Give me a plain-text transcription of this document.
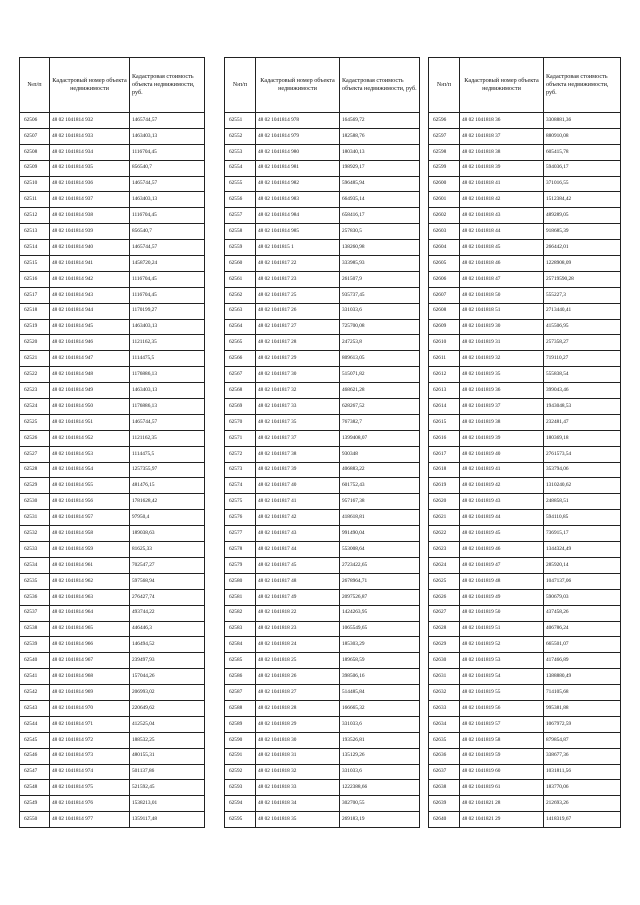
№п/п	Кадастровый номер объекта недвижимости	Кадастровая стоимость объекта недвижимости, руб.
62506	48 02 1041814 932	1465744,57
62507	48 02 1041814 933	1463403,13
62508	48 02 1041814 934	1116704,45
62509	48 02 1041814 935	856540,7
62510	48 02 1041814 936	1465744,57
62511	48 02 1041814 937	1463403,13
62512	48 02 1041814 938	1116704,45
62513	48 02 1041814 939	856540,7
62514	48 02 1041814 940	1465744,57
62515	48 02 1041814 941	1458720,24
62516	48 02 1041814 942	1116704,45
62517	48 02 1041814 943	1116704,45
62518	48 02 1041814 944	1170199,27
62519	48 02 1041814 945	1463403,13
62520	48 02 1041814 946	1121162,35
62521	48 02 1041814 947	1114475,5
62522	48 02 1041814 948	1176886,13
62523	48 02 1041814 949	1463403,13
62524	48 02 1041814 950	1176886,13
62525	48 02 1041814 951	1465744,57
62526	48 02 1041814 952	1121162,35
62527	48 02 1041814 953	1114475,5
62528	48 02 1041814 954	1257355,97
62529	48 02 1041814 955	481476,15
62530	48 02 1041814 956	1781628,42
62531	48 02 1041814 957	97950,4
62532	48 02 1041814 958	189038,63
62533	48 02 1041814 959	81625,33
62534	48 02 1041814 961	702547,27
62535	48 02 1041814 962	597568,94
62536	48 02 1041814 963	276427,74
62537	48 02 1041814 964	493744,22
62538	48 02 1041814 965	446446,3
62539	48 02 1041814 966	146494,52
62540	48 02 1041814 967	239497,93
62541	48 02 1041814 968	157044,26
62542	48 02 1041814 969	206993,02
62543	48 02 1041814 970	220649,62
62544	48 02 1041814 971	412525,04
62545	48 02 1041814 972	188532,25
62546	48 02 1041814 973	480155,31
62547	48 02 1041814 974	501137,86
62548	48 02 1041814 975	521592,45
62549	48 02 1041814 976	1538213,01
62550	48 02 1041814 977	1359117,48
№п/п	Кадастровый номер объекта недвижимости	Кадастровая стоимость объекта недвижимости, руб.
62551	48 02 1041814 978	164569,72
62552	48 02 1041814 979	182588,76
62553	48 02 1041814 980	180340,13
62554	48 02 1041814 981	198929,17
62555	48 02 1041814 982	596485,94
62556	48 02 1041814 983	664935,14
62557	48 02 1041814 984	658416,17
62558	48 02 1041814 985	257830,5
62559	48 02 1041815 1	138260,98
62560	48 02 1041817 22	333985,93
62561	48 02 1041817 23	261507,9
62562	48 02 1041817 25	935737,45
62563	48 02 1041817 26	331033,6
62564	48 02 1041817 27	725700,08
62565	48 02 1041817 28	247253,8
62566	48 02 1041817 29	809613,05
62567	48 02 1041817 30	515071,82
62568	48 02 1041817 32	468621,28
62569	48 02 1041817 33	628267,52
62570	48 02 1041817 35	767382,7
62571	48 02 1041817 37	1399408,07
62572	48 02 1041817 38	930348
62573	48 02 1041817 39	406883,22
62574	48 02 1041817 40	601752,43
62575	48 02 1041817 41	957167,38
62576	48 02 1041817 42	418618,81
62577	48 02 1041817 43	991490,04
62578	48 02 1041817 44	553008,64
62579	48 02 1041817 45	2723422,65
62580	48 02 1041817 48	2678964,71
62581	48 02 1041817 49	2097526,87
62582	48 02 1041818 22	1424263,95
62583	48 02 1041818 23	1065549,65
62584	48 02 1041818 24	185303,29
62585	48 02 1041818 25	189658,59
62586	48 02 1041818 26	398506,16
62587	48 02 1041818 27	514485,84
62588	48 02 1041818 28	166665,32
62589	48 02 1041818 29	331033,6
62590	48 02 1041818 30	193526,81
62591	48 02 1041818 31	135129,26
62592	48 02 1041818 32	331033,6
62593	48 02 1041818 33	1222388,66
62594	48 02 1041818 34	302700,55
62595	48 02 1041818 35	269183,19
№п/п	Кадастровый номер объекта недвижимости	Кадастровая стоимость объекта недвижимости, руб.
62596	48 02 1041818 36	3308881,36
62597	48 02 1041818 37	880910,08
62598	48 02 1041818 38	605415,78
62599	48 02 1041818 39	594036,17
62600	48 02 1041818 41	371016,55
62601	48 02 1041818 42	1512384,42
62602	48 02 1041818 43	489289,05
62603	48 02 1041818 44	918685,39
62604	48 02 1041818 45	266442,01
62605	48 02 1041818 46	1228908,09
62606	48 02 1041818 47	25719590,28
62607	48 02 1041818 50	555227,3
62608	48 02 1041818 51	2713440,41
62609	48 02 1041819 30	415506,95
62610	48 02 1041819 31	257358,27
62611	48 02 1041819 32	719110,27
62612	48 02 1041819 35	555838,54
62613	48 02 1041819 36	399043,46
62614	48 02 1041819 37	1943048,53
62615	48 02 1041819 38	232481,47
62616	48 02 1041819 39	180369,18
62617	48 02 1041819 40	2761573,54
62618	48 02 1041819 41	353794,06
62619	48 02 1041819 42	1310240,62
62620	48 02 1041819 43	248858,51
62621	48 02 1041819 44	594110,85
62622	48 02 1041819 45	736915,17
62623	48 02 1041819 46	1344324,49
62624	48 02 1041819 47	285920,14
62625	48 02 1041819 48	1047137,06
62626	48 02 1041819 49	590679,03
62627	48 02 1041819 50	437458,26
62628	48 02 1041819 51	406786,24
62629	48 02 1041819 52	665501,07
62630	48 02 1041819 53	417466,89
62631	48 02 1041819 54	1388880,49
62632	48 02 1041819 55	714105,68
62633	48 02 1041819 56	995381,88
62634	48 02 1041819 57	1067972,59
62635	48 02 1041819 58	879854,87
62636	48 02 1041819 59	338677,36
62637	48 02 1041819 60	1031811,56
62638	48 02 1041819 61	183770,06
62639	48 02 1041821 28	212693,26
62640	48 02 1041821 29	1418319,67
